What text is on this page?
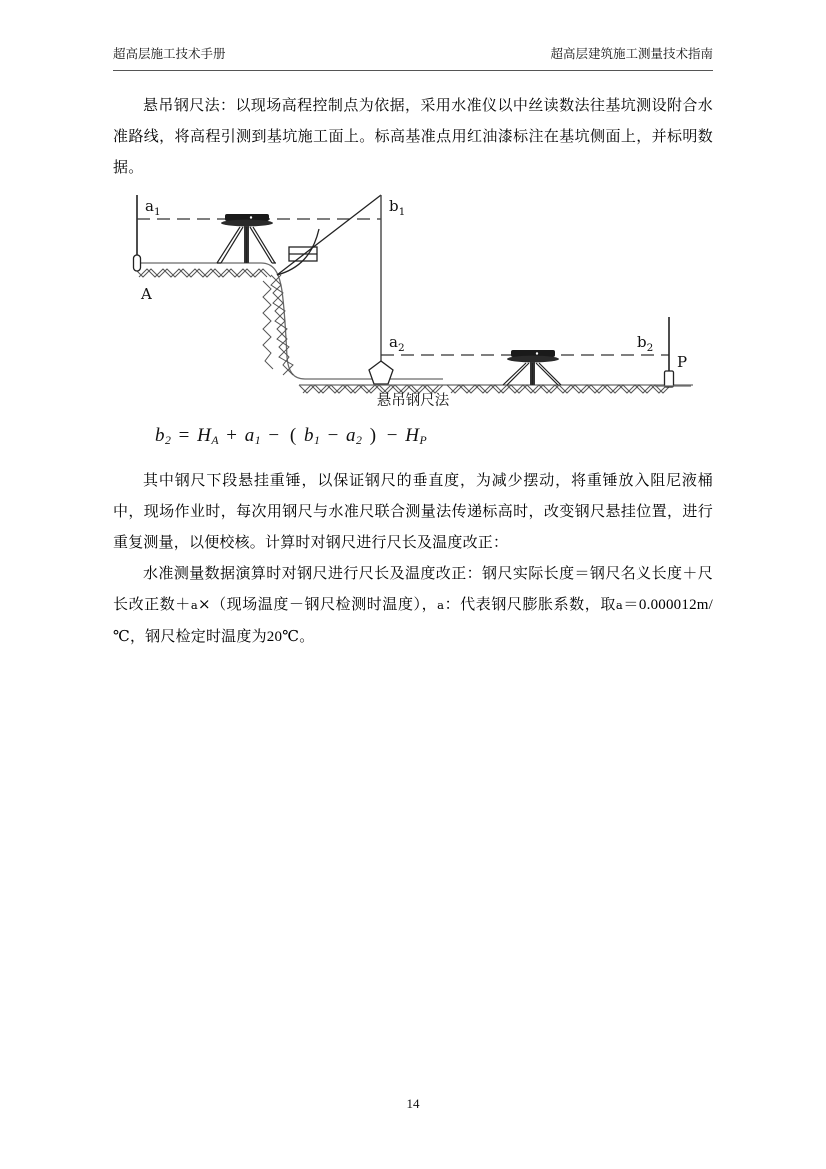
超高层施工技术手册	超高层建筑施工测量技术指南

悬吊钢尺法：以现场高程控制点为依据，采用水准仪以中丝读数法往基坑测设附合水准路线，将高程引测到基坑施工面上。标高基准点用红油漆标注在基坑侧面上，并标明数据。

$a_1$
A
$b_1$
$a_2$	$b_2$
P
悬吊钢尺法
$b_2 = H_A + a_1$ − ( $b_1 - a_2$ ) − $H_P$

其中钢尺下段悬挂重锤，以保证钢尺的垂直度，为减少摆动，将重锤放入阻尼液桶中，现场作业时，每次用钢尺与水准尺联合测量法传递标高时，改变钢尺悬挂位置，进行重复测量，以便校核。计算时对钢尺进行尺长及温度改正：

水准测量数据演算时对钢尺进行尺长及温度改正：钢尺实际长度＝钢尺名义长度＋尺长改正数＋a×（现场温度－钢尺检测时温度），a：代表钢尺膨胀系数，取a＝0.000012m/℃，钢尺检定时温度为20℃。

14
